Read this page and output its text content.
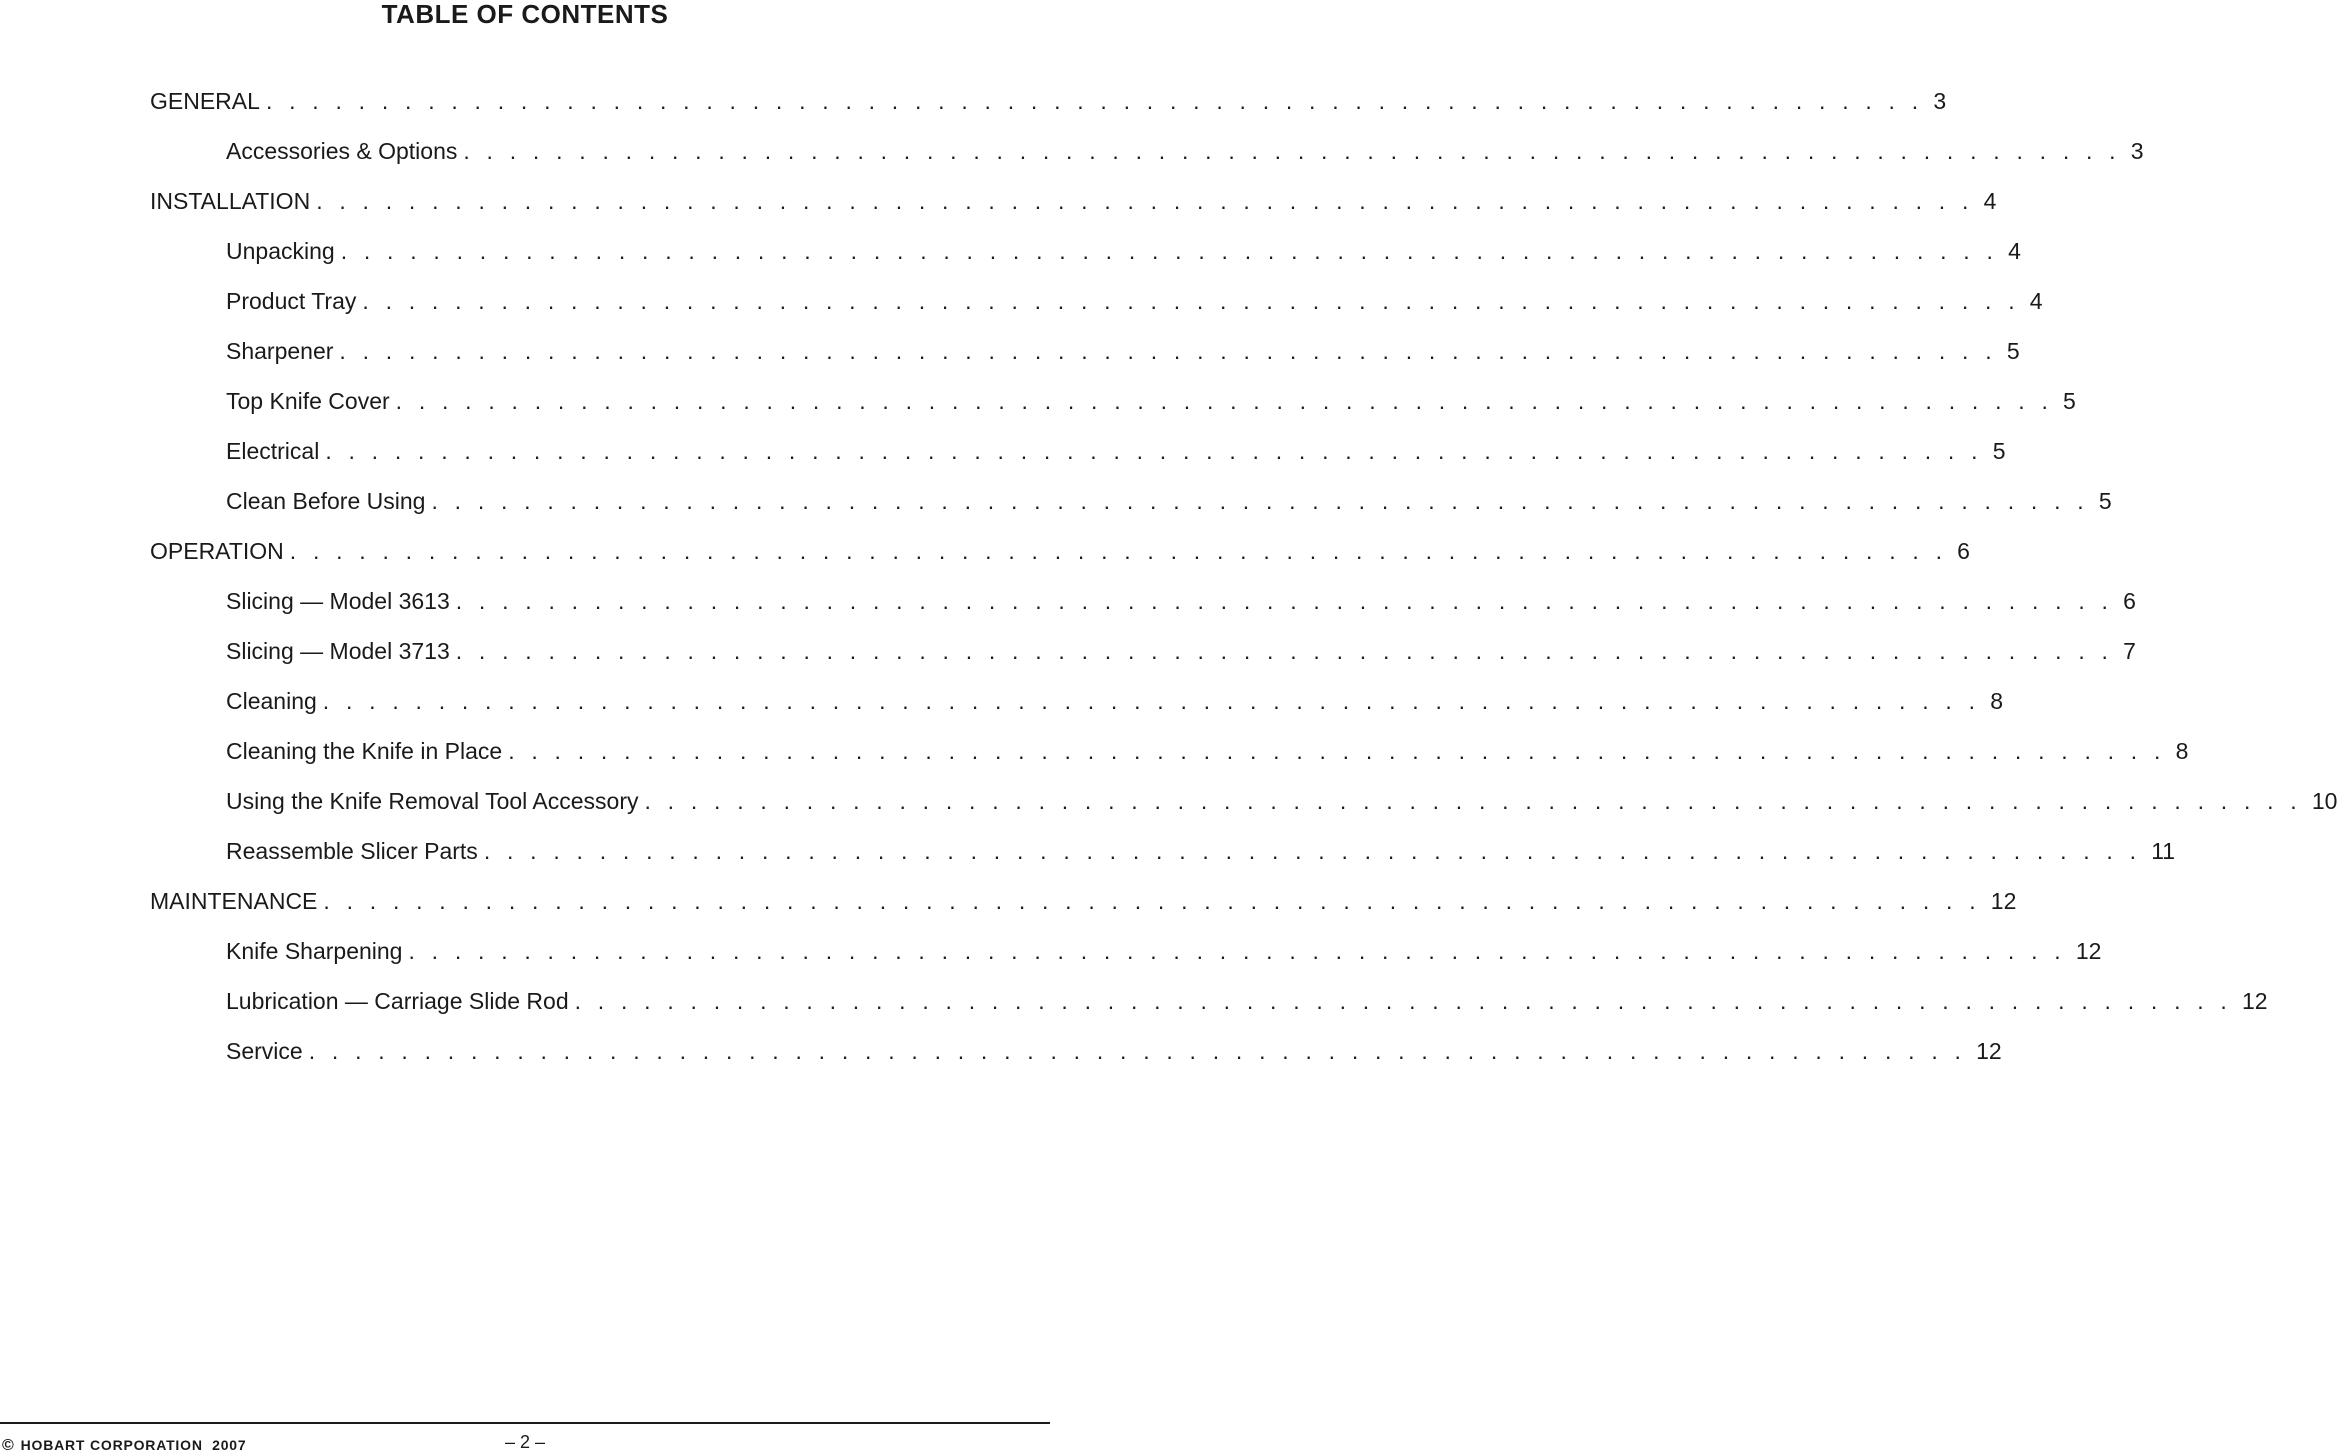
TABLE OF CONTENTS
GENERAL . . . . . . . . . . . . . . . . . . . . . . . . . . . . . . . . . . . . . . . . . . . . . . . . . . . . . . . . . . . . . . . . . . . . . . . . 3
Accessories & Options . . . . . . . . . . . . . . . . . . . . . . . . . . . . . . . . . . . . . . . . . . . . . . . . . . . . . . . . . . . . . . . . . . . . . . . . 3
INSTALLATION . . . . . . . . . . . . . . . . . . . . . . . . . . . . . . . . . . . . . . . . . . . . . . . . . . . . . . . . . . . . . . . . . . . . . . . . 4
Unpacking . . . . . . . . . . . . . . . . . . . . . . . . . . . . . . . . . . . . . . . . . . . . . . . . . . . . . . . . . . . . . . . . . . . . . . . . 4
Product Tray . . . . . . . . . . . . . . . . . . . . . . . . . . . . . . . . . . . . . . . . . . . . . . . . . . . . . . . . . . . . . . . . . . . . . . . . 4
Sharpener . . . . . . . . . . . . . . . . . . . . . . . . . . . . . . . . . . . . . . . . . . . . . . . . . . . . . . . . . . . . . . . . . . . . . . . . 5
Top Knife Cover . . . . . . . . . . . . . . . . . . . . . . . . . . . . . . . . . . . . . . . . . . . . . . . . . . . . . . . . . . . . . . . . . . . . . . . . 5
Electrical . . . . . . . . . . . . . . . . . . . . . . . . . . . . . . . . . . . . . . . . . . . . . . . . . . . . . . . . . . . . . . . . . . . . . . . . 5
Clean Before Using . . . . . . . . . . . . . . . . . . . . . . . . . . . . . . . . . . . . . . . . . . . . . . . . . . . . . . . . . . . . . . . . . . . . . . . . 5
OPERATION . . . . . . . . . . . . . . . . . . . . . . . . . . . . . . . . . . . . . . . . . . . . . . . . . . . . . . . . . . . . . . . . . . . . . . . . 6
Slicing — Model 3613 . . . . . . . . . . . . . . . . . . . . . . . . . . . . . . . . . . . . . . . . . . . . . . . . . . . . . . . . . . . . . . . . . . . . . . . . 6
Slicing — Model 3713 . . . . . . . . . . . . . . . . . . . . . . . . . . . . . . . . . . . . . . . . . . . . . . . . . . . . . . . . . . . . . . . . . . . . . . . . 7
Cleaning . . . . . . . . . . . . . . . . . . . . . . . . . . . . . . . . . . . . . . . . . . . . . . . . . . . . . . . . . . . . . . . . . . . . . . . . 8
Cleaning the Knife in Place . . . . . . . . . . . . . . . . . . . . . . . . . . . . . . . . . . . . . . . . . . . . . . . . . . . . . . . . . . . . . . . . . . . . . . . . 8
Using the Knife Removal Tool Accessory . . . . . . . . . . . . . . . . . . . . . . . . . . . . . . . . . . . . . . . . . . . . . . . . . . . . . . . . . . . . . . . . . . . . . . . . 10
Reassemble Slicer Parts . . . . . . . . . . . . . . . . . . . . . . . . . . . . . . . . . . . . . . . . . . . . . . . . . . . . . . . . . . . . . . . . . . . . . . . . 11
MAINTENANCE . . . . . . . . . . . . . . . . . . . . . . . . . . . . . . . . . . . . . . . . . . . . . . . . . . . . . . . . . . . . . . . . . . . . . . . . 12
Knife Sharpening . . . . . . . . . . . . . . . . . . . . . . . . . . . . . . . . . . . . . . . . . . . . . . . . . . . . . . . . . . . . . . . . . . . . . . . . 12
Lubrication — Carriage Slide Rod . . . . . . . . . . . . . . . . . . . . . . . . . . . . . . . . . . . . . . . . . . . . . . . . . . . . . . . . . . . . . . . . . . . . . . . . 12
Service . . . . . . . . . . . . . . . . . . . . . . . . . . . . . . . . . . . . . . . . . . . . . . . . . . . . . . . . . . . . . . . . . . . . . . . . 12
© HOBART CORPORATION  2007	– 2 –
